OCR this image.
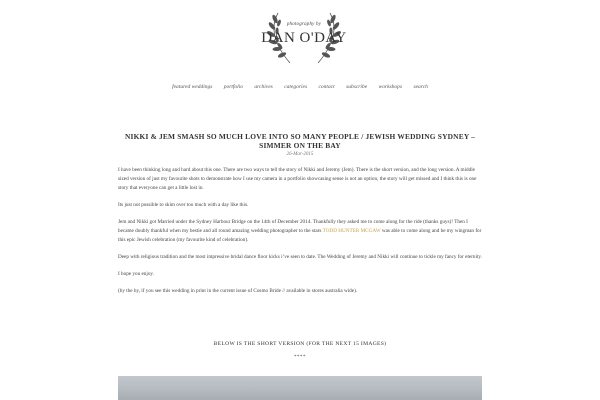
photography by
DAN O'DAY
featured weddings portfolio archives categories contact subscribe workshops search
NIKKI & JEM SMASH SO MUCH LOVE INTO SO MANY PEOPLE / JEWISH WEDDING SYDNEY – SIMMER ON THE BAY
26-Mar-2015

I have been thinking long and hard about this one. There are two ways to tell the story of Nikki and Jeremy (Jem). There is the short version, and the long version. A middle sized version of just my favourite shots to demonstrate how I use my camera in a portfolio showcasing sense is not an option, the story will get missed and I think this is one story that everyone can get a little lost in.

Its just not possible to skim over too much with a day like this.

Jem and Nikki got Married under the Sydney Harbour Bridge on the 14th of December 2014. Thankfully they asked me to come along for the ride (thanks guys)! Then I became doubly thankful when my bestie and all round amazing wedding photographer to the stars TODD HUNTER MCGAW was able to come along and be my wingman for this epic Jewish celebration (my favourite kind of celebration).

Deep with religious tradition and the most impressive bridal dance floor kicks i’ve seen to date. The Wedding of Jeremy and Nikki will continue to tickle my fancy for eternity.

I hope you enjoy.

(by the by, if you see this wedding in print in the current issue of Cosmo Bride // available in stores australia wide).

BELOW IS THE SHORT VERSION (FOR THE NEXT 15 IMAGES)
****
